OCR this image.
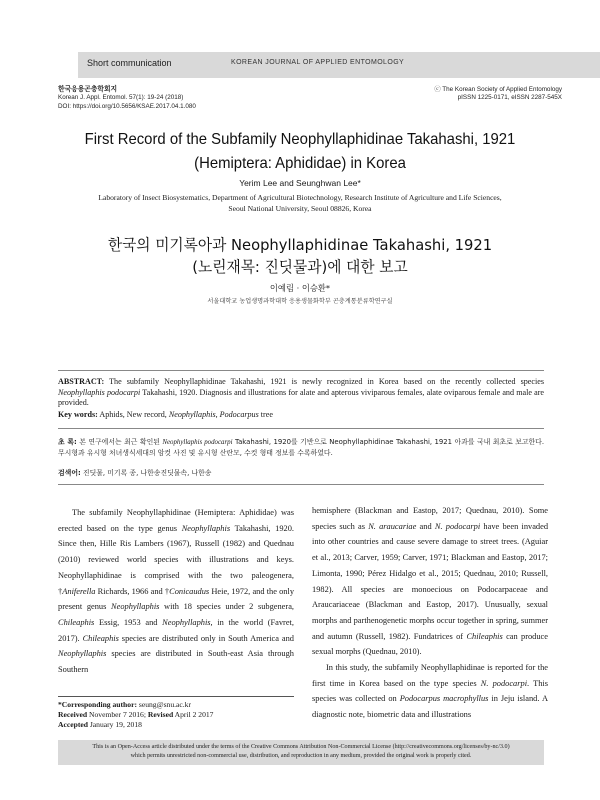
Short communication	KOREAN JOURNAL OF APPLIED ENTOMOLOGY
한국응용곤충학회지
Korean J. Appl. Entomol. 57(1): 19-24 (2018)
DOI: https://doi.org/10.5656/KSAE.2017.04.1.080
ⓒ The Korean Society of Applied Entomology
pISSN 1225-0171, eISSN 2287-545X
First Record of the Subfamily Neophyllaphidinae Takahashi, 1921
(Hemiptera: Aphididae) in Korea
Yerim Lee and Seunghwan Lee*
Laboratory of Insect Biosystematics, Department of Agricultural Biotechnology, Research Institute of Agriculture and Life Sciences,
Seoul National University, Seoul 08826, Korea
한국의 미기록아과 Neophyllaphidinae Takahashi, 1921
(노린재목: 진딧물과)에 대한 보고
이예림 · 이승환*
서울대학교 농업생명과학대학 응용생물화학부 곤충계통분류학연구실
ABSTRACT: The subfamily Neophyllaphidinae Takahashi, 1921 is newly recognized in Korea based on the recently collected species Neophyllaphis podocarpi Takahashi, 1920. Diagnosis and illustrations for alate and apterous viviparous females, alate oviparous female and male are provided.
Key words: Aphids, New record, Neophyllaphis, Podocarpus tree
초 록: 본 연구에서는 최근 확인된 Neophyllaphis podocarpi Takahashi, 1920를 기반으로 Neophyllaphidinae Takahashi, 1921 아과를 국내 최초로 보고한다. 무시형과 유시형 처녀생식세대의 암컷 사진 및 유시형 산란모, 수컷 형태 정보를 수록하였다.
검색어: 진딧물, 미기록 종, 나한송진딧물속, 나한송

The subfamily Neophyllaphidinae (Hemiptera: Aphididae) was erected based on the type genus Neophyllaphis Takahashi, 1920. Since then, Hille Ris Lambers (1967), Russell (1982) and Quednau (2010) reviewed world species with illustrations and keys. Neophyllaphidinae is comprised with the two paleogenera, †Aniferella Richards, 1966 and †Conicaudus Heie, 1972, and the only present genus Neophyllaphis with 18 species under 2 subgenera, Chileaphis Essig, 1953 and Neophyllaphis, in the world (Favret, 2017). Chileaphis species are distributed only in South America and Neophyllaphis species are distributed in South-east Asia through Southern

hemisphere (Blackman and Eastop, 2017; Quednau, 2010). Some species such as N. araucariae and N. podocarpi have been invaded into other countries and cause severe damage to street trees. (Aguiar et al., 2013; Carver, 1959; Carver, 1971; Blackman and Eastop, 2017; Limonta, 1990; Pérez Hidalgo et al., 2015; Quednau, 2010; Russell, 1982). All species are monoecious on Podocarpaceae and Araucariaceae (Blackman and Eastop, 2017). Unusually, sexual morphs and parthenogenetic morphs occur together in spring, summer and autumn (Russell, 1982). Fundatrices of Chileaphis can produce sexual morphs (Quednau, 2010).

In this study, the subfamily Neophyllaphidinae is reported for the first time in Korea based on the type species N. podocarpi. This species was collected on Podocarpus macrophyllus in Jeju island. A diagnostic note, biometric data and illustrations

*Corresponding author: seung@snu.ac.kr
Received November 7 2016; Revised April 2 2017
Accepted January 19, 2018
This is an Open-Access article distributed under the terms of the Creative Commons Attribution Non-Commercial License (http://creativecommons.org/licenses/by-nc/3.0)
which permits unrestricted non-commercial use, distribution, and reproduction in any medium, provided the original work is properly cited.
